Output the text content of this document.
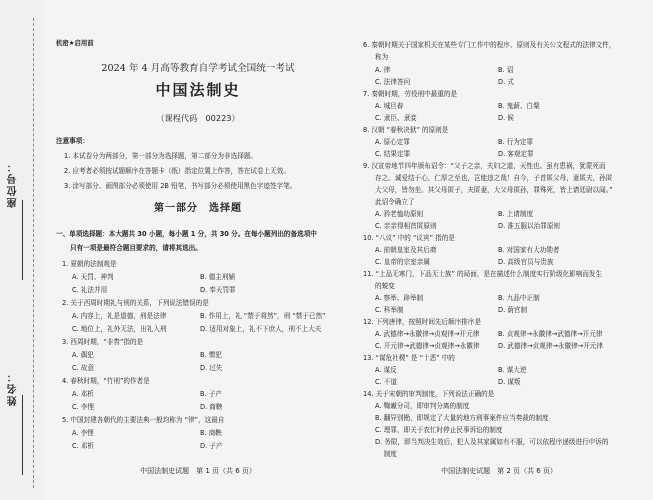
座位号：
姓名：
机密★启用前
2024 年 4 月高等教育自学考试全国统一考试
中国法制史
（课程代码　00223）
注意事项：
1. 本试卷分为两部分，第一部分为选择题，第二部分为非选择题。
2. 应考者必须按试题顺序在答题卡（纸）指定位置上作答，答在试卷上无效。
3. 涂写部分、画图部分必须使用 2B 铅笔，书写部分必须使用黑色字迹签字笔。
第一部分　选择题
一、单项选择题：本大题共 30 小题，每小题 1 分，共 30 分。在每小题列出的备选项中
只有一项是最符合题目要求的，请将其选出。
1. 夏朝的法制观是
A. 天罚、神判	B. 德主刑辅
C. 礼法并用	D. 奉天罚罪
2. 关于西周时期礼与刑的关系，下列说法错误的是
A. 内容上，礼是道德，刑是法律	B. 作用上，礼 “禁于将然”，刑 “禁于已然”
C. 地位上，礼外无法，出礼入刑	D. 适用对象上，礼不下庶人，刑不上大夫
3. 西周时期，“非眚”指的是
A. 偶犯	B. 惯犯
C. 故意	D. 过失
4. 春秋时期，“竹刑”的作者是
A. 邓析	B. 子产
C. 李悝	D. 商鞅
5. 中国封建各朝代的主要法典一般均称为 “律”，这最自
A. 李悝	B. 商鞅
C. 邓析	D. 子产
中国法制史试题　第 1 页（共 6 页）
6. 秦朝时期关于国家机关在某些专门工作中的程序、原则及有关公文程式的法律文件，
称为
A. 律	B. 诏
C. 法律答问	D. 式
7. 秦朝时期，劳役刑中最重的是
A. 城旦春	B. 鬼薪、白粲
C. 隶臣、隶妾	D. 候
8. 汉朝 “春秋决狱” 的原则是
A. 原心定罪	B. 行为定罪
C. 结果定罪	D. 客观定罪
9. 汉宣帝地节四年颁布诏令：“父子之亲，夫妇之道，天性也。虽有患祸，犹蒙死而
存之。诚爱结于心，仁厚之至也，岂能违之哉！自今，子首匿父母，妻匿夫，孙匿
大父母，皆勿坐。其父母匿子，夫匿妻，大父母匿孙，罪殊死，皆上请廷尉以闻。”
此诏令确立了
A. 矜老恤幼原则	B. 上请制度
C. 亲亲得相首匿原则	D. 准五服以治罪原则
10. “八议” 中的 “议宾” 指的是
A. 前朝皇室及其后裔	B. 对国家有大功勋者
C. 皇帝的宗室亲属	D. 高级官员与贵族
11. “上品无寒门，下品无士族” 的局面，是在描述什么制度实行阶级化影响而发生
的蜕变
A. 察举、辟举制	B. 九品中正制
C. 科举制	D. 荫官制
12. 下列唐律，按照时间先后顺序排序是
A. 武德律→永徽律→贞观律→开元律	B. 贞观律→永徽律→武德律→开元律
C. 开元律→武德律→贞观律→永徽律	D. 武德律→贞观律→永徽律→开元律
13. “谋危社稷” 是 “十恶” 中的
A. 谋反	B. 谋大逆
C. 不道	D. 谋叛
14. 关于宋朝的审判制度，下列说法正确的是
A. 鞫谳分司，即审判分离的制度
B. 翻异别勘，即规定了大量的地方刑事案件应当奏裁的制度
C. 理罪，即关于农忙时停止民事诉讼的制度
D. 务限，即当判决生效后，犯人及其家属如有不服，可以依程序递级进行申诉的
　 制度
中国法制史试题　第 2 页（共 6 页）
